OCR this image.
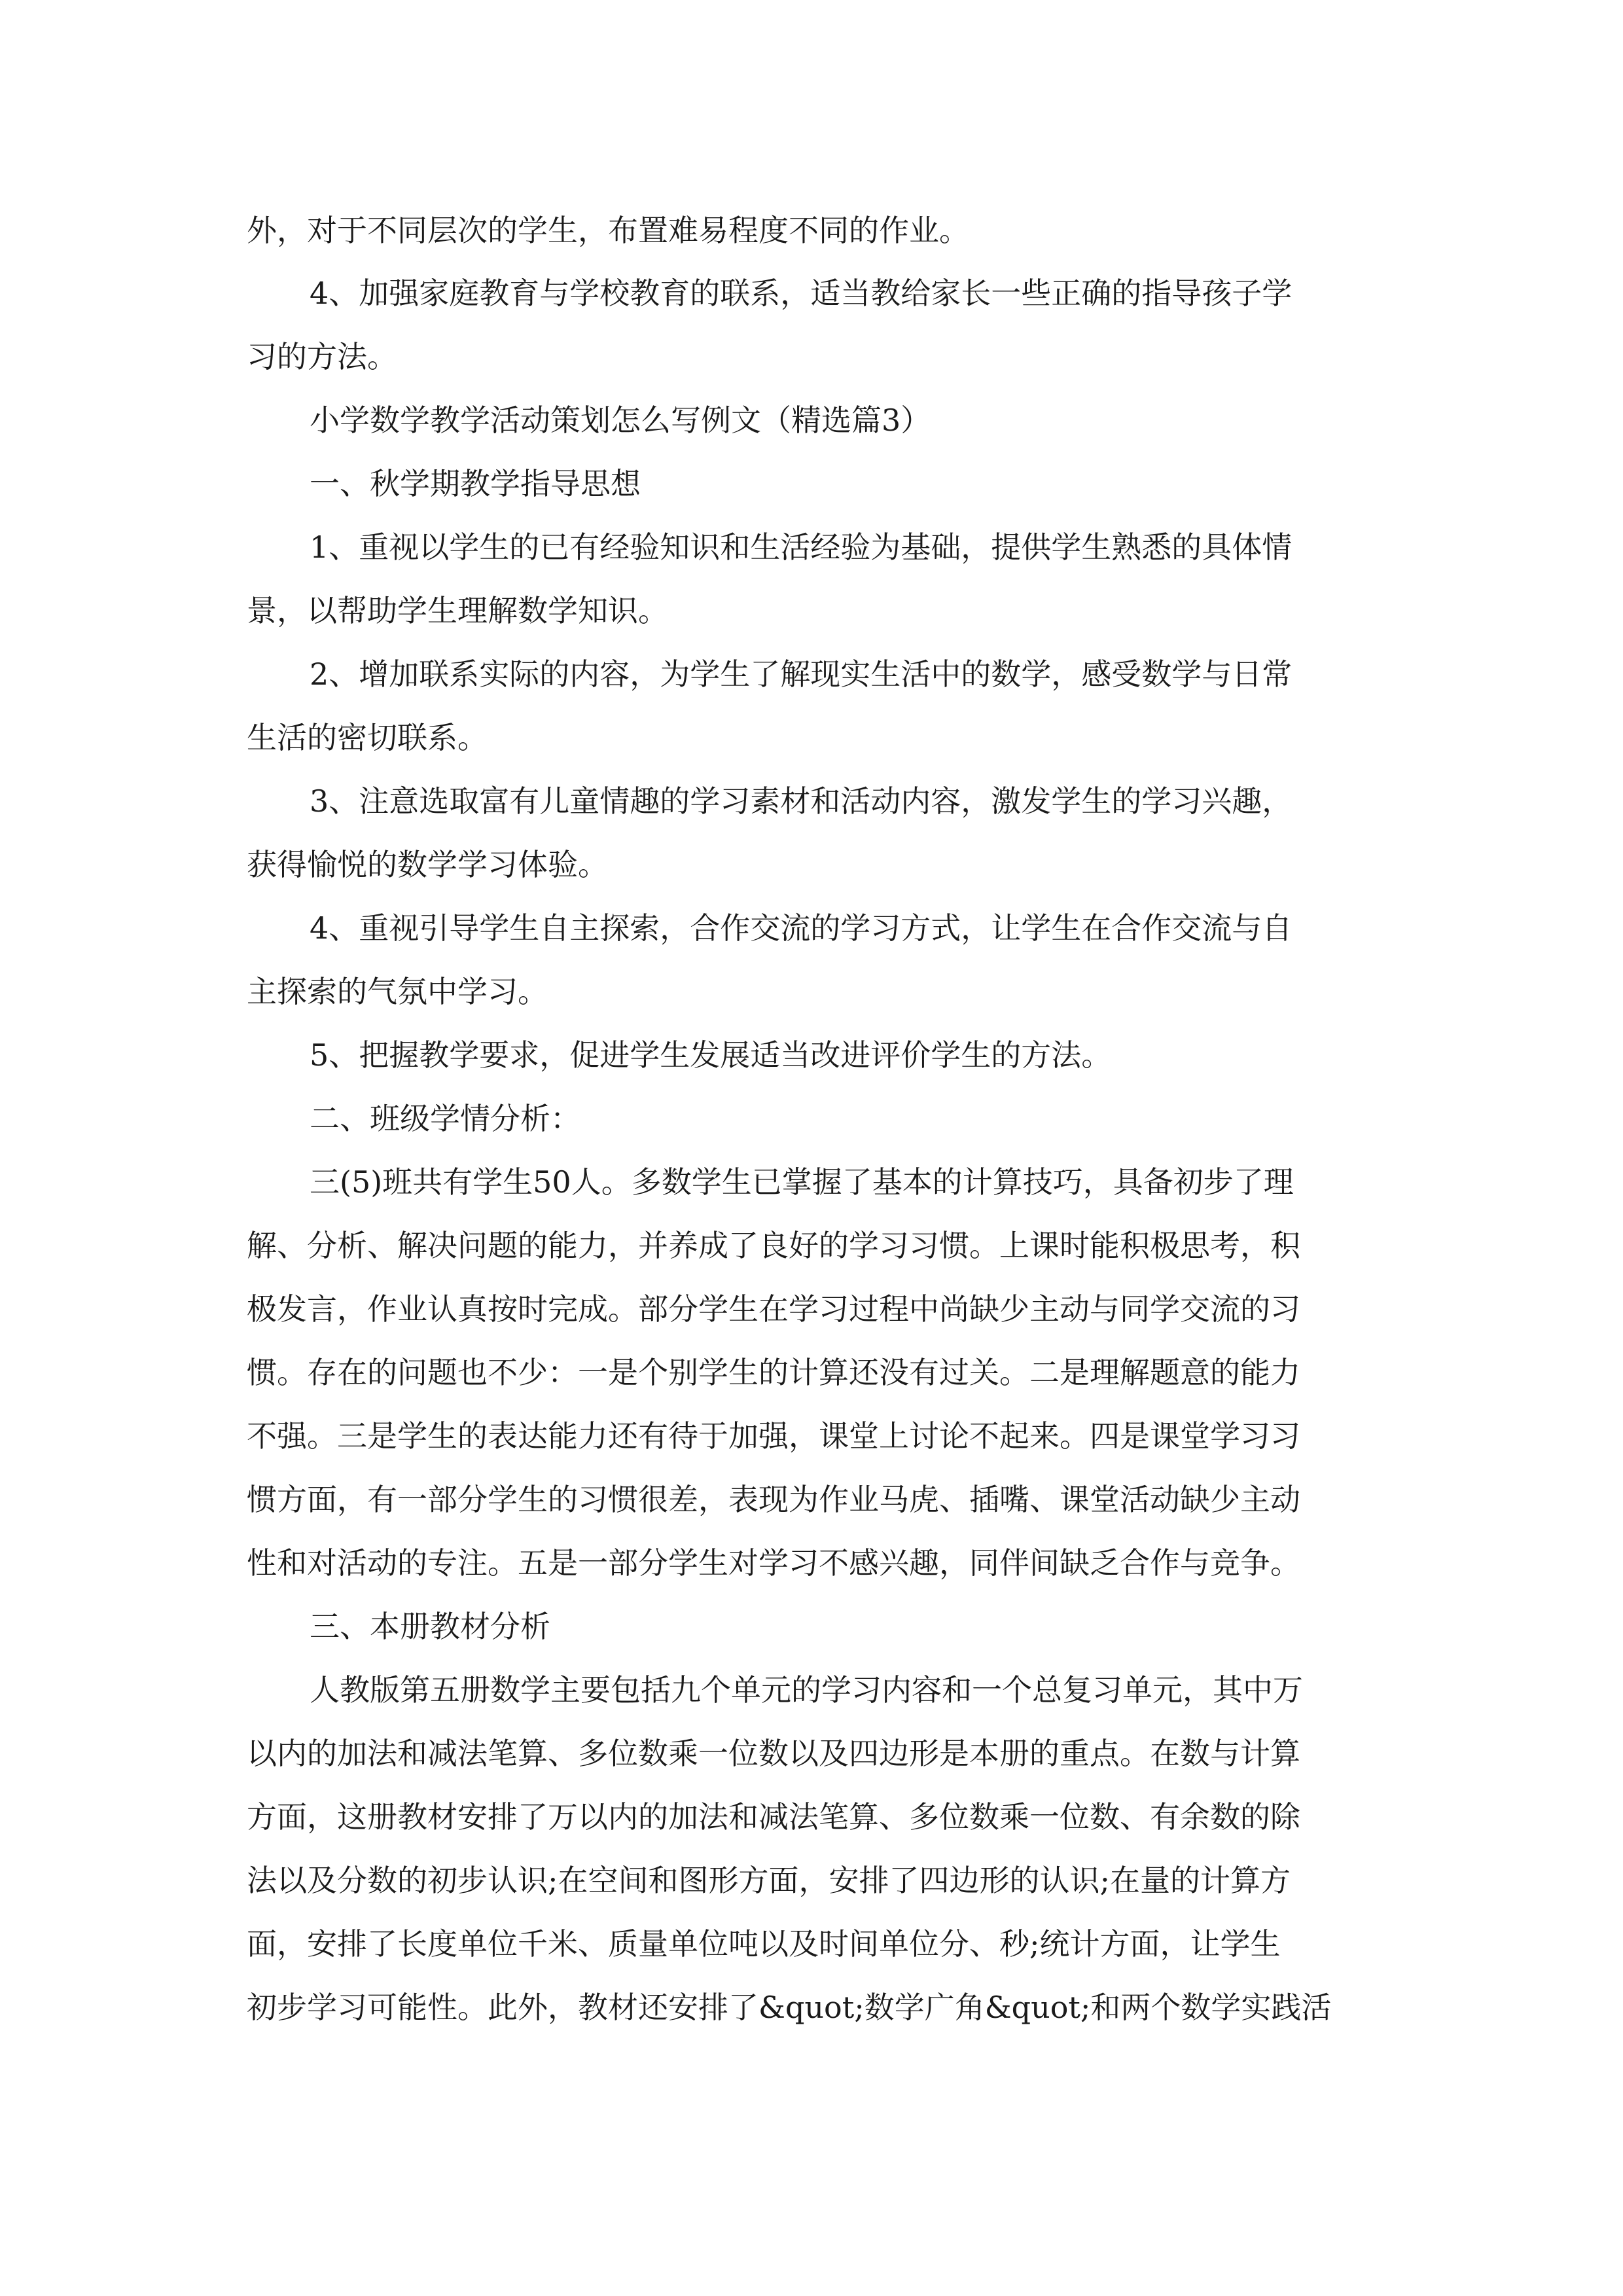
外，对于不同层次的学生，布置难易程度不同的作业。

4、加强家庭教育与学校教育的联系，适当教给家长一些正确的指导孩子学

习的方法。

小学数学教学活动策划怎么写例文（精选篇3）

一、秋学期教学指导思想

1、重视以学生的已有经验知识和生活经验为基础，提供学生熟悉的具体情

景，以帮助学生理解数学知识。

2、增加联系实际的内容，为学生了解现实生活中的数学，感受数学与日常

生活的密切联系。

3、注意选取富有儿童情趣的学习素材和活动内容，激发学生的学习兴趣，

获得愉悦的数学学习体验。

4、重视引导学生自主探索，合作交流的学习方式，让学生在合作交流与自

主探索的气氛中学习。

5、把握教学要求，促进学生发展适当改进评价学生的方法。

二、班级学情分析：

三(5)班共有学生50人。多数学生已掌握了基本的计算技巧，具备初步了理

解、分析、解决问题的能力，并养成了良好的学习习惯。上课时能积极思考，积

极发言，作业认真按时完成。部分学生在学习过程中尚缺少主动与同学交流的习

惯。存在的问题也不少：一是个别学生的计算还没有过关。二是理解题意的能力

不强。三是学生的表达能力还有待于加强，课堂上讨论不起来。四是课堂学习习

惯方面，有一部分学生的习惯很差，表现为作业马虎、插嘴、课堂活动缺少主动

性和对活动的专注。五是一部分学生对学习不感兴趣，同伴间缺乏合作与竞争。

三、本册教材分析

人教版第五册数学主要包括九个单元的学习内容和一个总复习单元，其中万

以内的加法和减法笔算、多位数乘一位数以及四边形是本册的重点。在数与计算

方面，这册教材安排了万以内的加法和减法笔算、多位数乘一位数、有余数的除

法以及分数的初步认识;在空间和图形方面，安排了四边形的认识;在量的计算方

面，安排了长度单位千米、质量单位吨以及时间单位分、秒;统计方面，让学生

初步学习可能性。此外，教材还安排了&quot;数学广角&quot;和两个数学实践活
